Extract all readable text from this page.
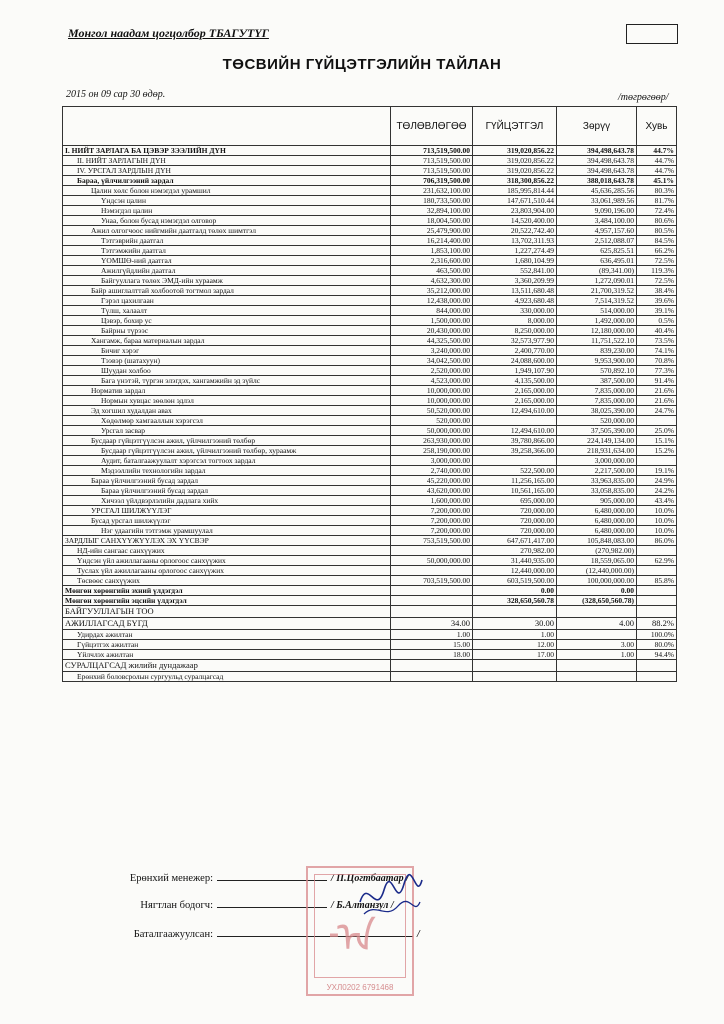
Монгол наадам цогцолбор ТБАГУТҮГ
ТӨСВИЙН ГҮЙЦЭТГЭЛИЙН ТАЙЛАН
2015 он 09 сар 30 өдөр.	/төгрөгөөр/
	ТӨЛӨВЛӨГӨӨ	ГҮЙЦЭТГЭЛ	Зөрүү	Хувь
I. НИЙТ ЗАРЛАГА БА ЦЭВЭР ЗЭЭЛИЙН ДҮН	713,519,500.00	319,020,856.22	394,498,643.78	44.7%
II. НИЙТ ЗАРЛАГЫН ДҮН	713,519,500.00	319,020,856.22	394,498,643.78	44.7%
IV. УРСГАЛ ЗАРДЛЫН ДҮН	713,519,500.00	319,020,856.22	394,498,643.78	44.7%
Бараа, үйлчилгээний зардал	706,319,500.00	318,300,856.22	388,018,643.78	45.1%
Цалин хөлс болон нэмэгдэл урамшил	231,632,100.00	185,995,814.44	45,636,285.56	80.3%
Үндсэн цалин	180,733,500.00	147,671,510.44	33,061,989.56	81.7%
Нэмэгдэл цалин	32,894,100.00	23,803,904.00	9,090,196.00	72.4%
Унаа, болон бусад нэмэгдэл олговор	18,004,500.00	14,520,400.00	3,484,100.00	80.6%
Ажил олгогчоос нийгмийн даатгалд төлөх шимтгэл	25,479,900.00	20,522,742.40	4,957,157.60	80.5%
Тэтгэврийн даатгал	16,214,400.00	13,702,311.93	2,512,088.07	84.5%
Тэтгэмжийн даатгал	1,853,100.00	1,227,274.49	625,825.51	66.2%
ҮОМШӨ-ний даатгал	2,316,600.00	1,680,104.99	636,495.01	72.5%
Ажилгүйдлийн даатгал	463,500.00	552,841.00	(89,341.00)	119.3%
Байгууллага төлөх ЭМД-ийн хураамж	4,632,300.00	3,360,209.99	1,272,090.01	72.5%
Байр ашиглалттай холбоотой тогтмол зардал	35,212,000.00	13,511,680.48	21,700,319.52	38.4%
Гэрэл цахилгаан	12,438,000.00	4,923,680.48	7,514,319.52	39.6%
Түлш, халаалт	844,000.00	330,000.00	514,000.00	39.1%
Цэвэр, бохир ус	1,500,000.00	8,000.00	1,492,000.00	0.5%
Байрны түрээс	20,430,000.00	8,250,000.00	12,180,000.00	40.4%
Хангамж, бараа материалын зардал	44,325,500.00	32,573,977.90	11,751,522.10	73.5%
Бичиг хэрэг	3,240,000.00	2,400,770.00	839,230.00	74.1%
Тээвэр (шатахуун)	34,042,500.00	24,088,600.00	9,953,900.00	70.8%
Шуудан холбоо	2,520,000.00	1,949,107.90	570,892.10	77.3%
Бага үнэтэй, түргэн элэгдэх, хангамжийн эд зүйлс	4,523,000.00	4,135,500.00	387,500.00	91.4%
Норматив зардал	10,000,000.00	2,165,000.00	7,835,000.00	21.6%
Нормын хувцас зөөлөн эдлэл	10,000,000.00	2,165,000.00	7,835,000.00	21.6%
Эд хогшил худалдан авах	50,520,000.00	12,494,610.00	38,025,390.00	24.7%
Хөдөлмөр хамгааллын хэрэгсэл	520,000.00		520,000.00	
Урсгал засвар	50,000,000.00	12,494,610.00	37,505,390.00	25.0%
Бусдаар гүйцэтгүүлсэн ажил, үйлчилгээний төлбөр	263,930,000.00	39,780,866.00	224,149,134.00	15.1%
Бусдаар гүйцэтгүүлсэн ажил, үйлчилгээний төлбөр, хураамж	258,190,000.00	39,258,366.00	218,931,634.00	15.2%
Аудит, баталгаажуулалт хэрэгсэл тогтоох зардал	3,000,000.00		3,000,000.00	
Мэдээллийн технологийн зардал	2,740,000.00	522,500.00	2,217,500.00	19.1%
Бараа үйлчилгээний бусад зардал	45,220,000.00	11,256,165.00	33,963,835.00	24.9%
Бараа үйлчилгээний бусад зардал	43,620,000.00	10,561,165.00	33,058,835.00	24.2%
Хичээл үйлдвэрлэлийн дадлага хийх	1,600,000.00	695,000.00	905,000.00	43.4%
УРСГАЛ ШИЛЖҮҮЛЭГ	7,200,000.00	720,000.00	6,480,000.00	10.0%
Бусад урсгал шилжүүлэг	7,200,000.00	720,000.00	6,480,000.00	10.0%
Нэг удаагийн тэтгэмж урамшуулал	7,200,000.00	720,000.00	6,480,000.00	10.0%
ЗАРДЛЫГ САНХҮҮЖҮҮЛЭХ ЭХ ҮҮСВЭР	753,519,500.00	647,671,417.00	105,848,083.00	86.0%
НД-ийн сангаас санхүүжих		270,982.00	(270,982.00)	
Үндсэн үйл ажиллагааны орлогоос санхүүжих	50,000,000.00	31,440,935.00	18,559,065.00	62.9%
Туслах үйл ажиллагааны орлогоос санхүүжих		12,440,000.00	(12,440,000.00)	
Төсвөөс санхүүжих	703,519,500.00	603,519,500.00	100,000,000.00	85.8%
Мөнгөн хөрөнгийн эхний үлдэгдэл		0.00	0.00	
Мөнгөн хөрөнгийн эцсийн үлдэгдэл		328,650,560.78	(328,650,560.78)	
БАЙГУУЛЛАГЫН ТОО				
АЖИЛЛАГСАД БҮГД	34.00	30.00	4.00	88.2%
Удирдах ажилтан	1.00	1.00		100.0%
Гүйцэтгэх ажилтан	15.00	12.00	3.00	80.0%
Үйлчлэх ажилтан	18.00	17.00	1.00	94.4%
СУРАЛЦАГСАД жилийн дундажаар				
Ерөнхий боловсролын сургуульд суралцагсад				
Ерөнхий менежер:	/ П.Цогтбаатар /
Нягтлан бодогч:	/ Б.Алтанзул /
Баталгаажуулсан:	/
᠋᠊᠎ᠠ
УХЛ0202 6791468
